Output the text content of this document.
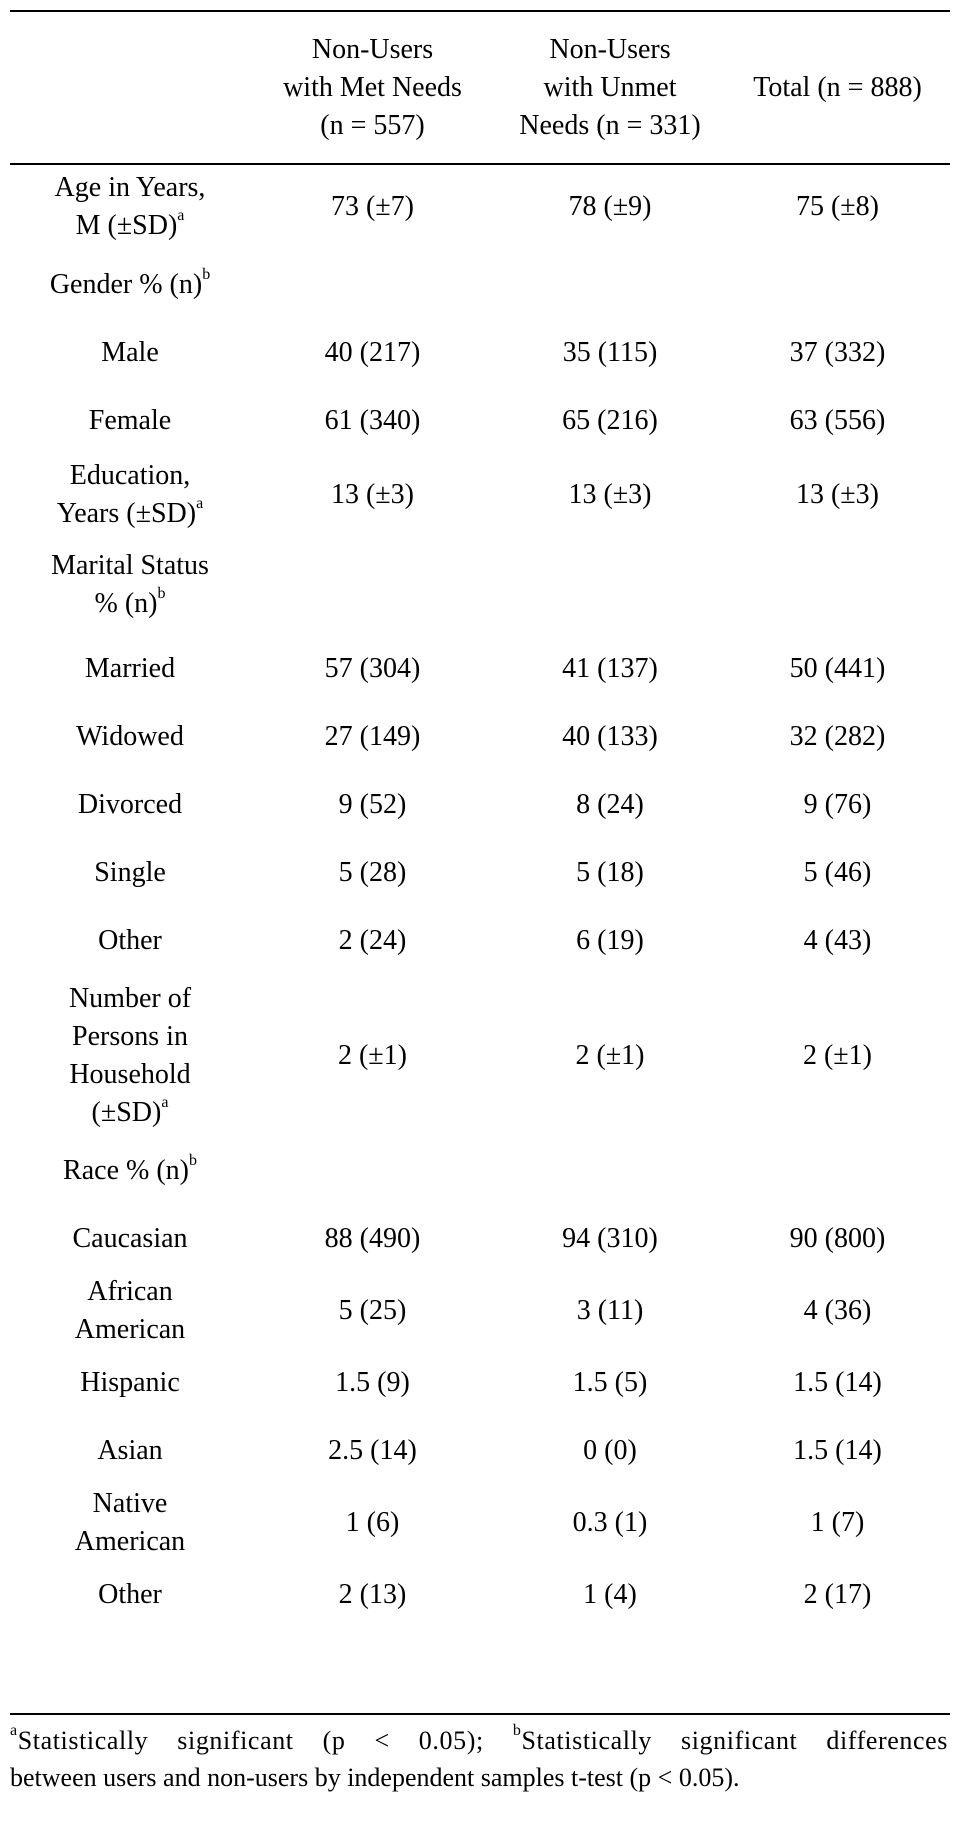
	Non-Users
with Met Needs
(n = 557)	Non-Users
with Unmet
Needs (n = 331)	Total (n = 888)
Age in Years,
M $(\pm SD)^a$	73 (±7)	78 (±9)	75 (±8)
Gender % $(n)^b$			
Male	40 (217)	35 (115)	37 (332)
Female	61 (340)	65 (216)	63 (556)
Education,
Years $(\pm SD)^a$	13 (±3)	13 (±3)	13 (±3)
Marital Status
% $(n)^b$			
Married	57 (304)	41 (137)	50 (441)
Widowed	27 (149)	40 (133)	32 (282)
Divorced	9 (52)	8 (24)	9 (76)
Single	5 (28)	5 (18)	5 (46)
Other	2 (24)	6 (19)	4 (43)
Number of
Persons in
Household
$(\pm SD)^a$	2 (±1)	2 (±1)	2 (±1)
Race % $(n)^b$			
Caucasian	88 (490)	94 (310)	90 (800)
African
American	5 (25)	3 (11)	4 (36)
Hispanic	1.5 (9)	1.5 (5)	1.5 (14)
Asian	2.5 (14)	0 (0)	1.5 (14)
Native
American	1 (6)	0.3 (1)	1 (7)
Other	2 (13)	1 (4)	2 (17)
$^a$Statistically significant (p < 0.05); $^b$Statistically significant differences
between users and non-users by independent samples t-test (p < 0.05).
